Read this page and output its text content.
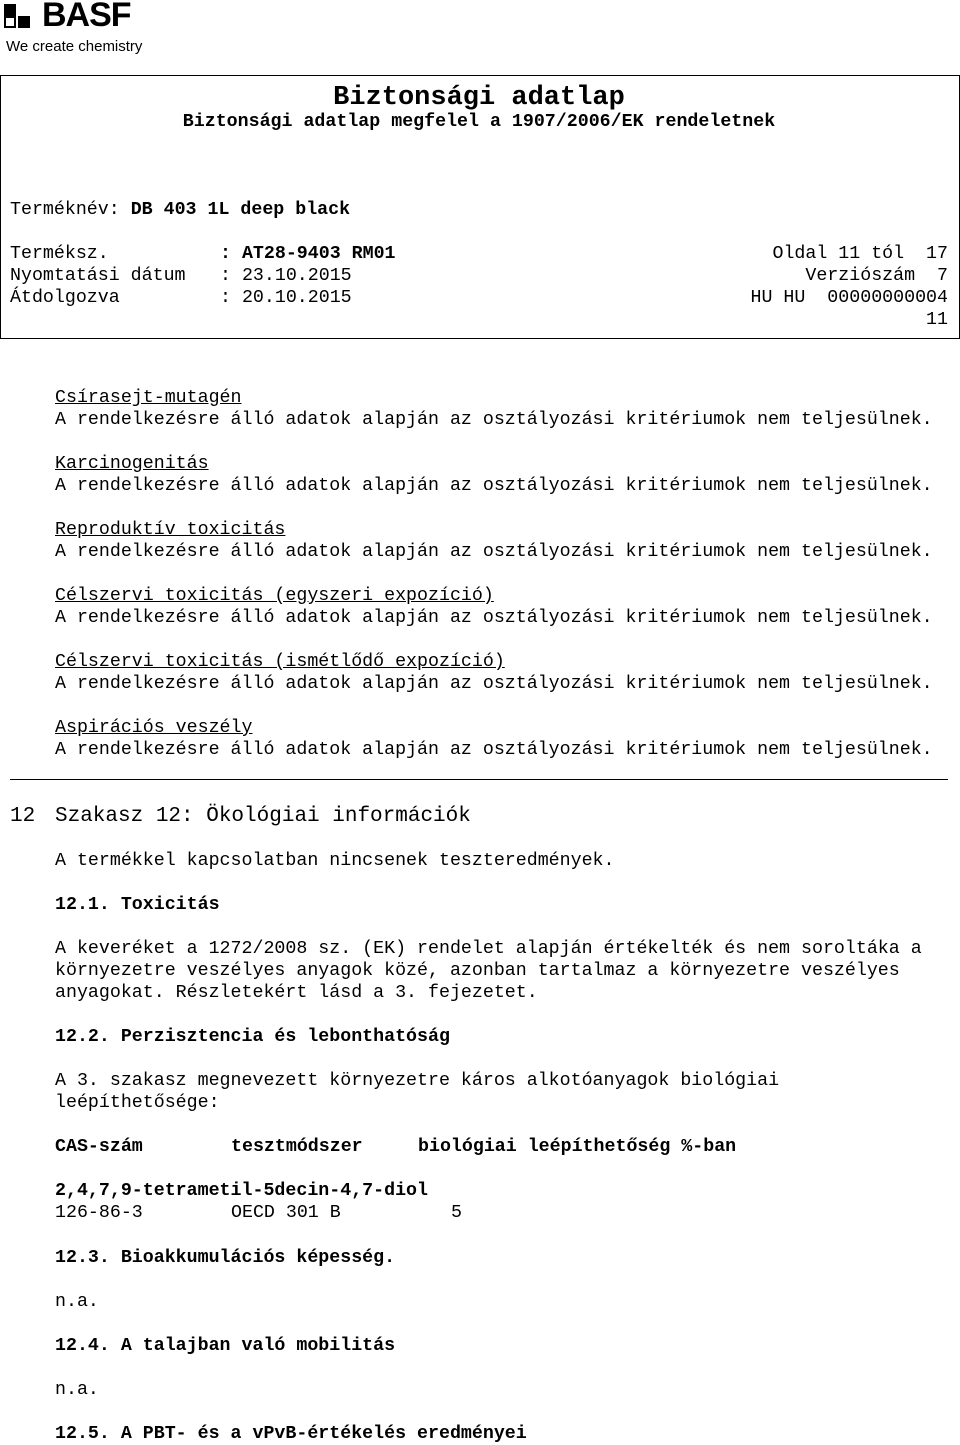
BASF
We create chemistry
Biztonsági adatlap
Biztonsági adatlap megfelel a 1907/2006/EK rendeletnek
Terméknév: DB 403 1L deep black
Terméksz.	: AT28-9403 RM01
Nyomtatási dátum : 23.10.2015
Átdolgozva	: 20.10.2015
Oldal 11 tól  17
Verziószám  7
HU HU  00000000004
11
Csírasejt-mutagén
A rendelkezésre álló adatok alapján az osztályozási kritériumok nem teljesülnek.
Karcinogenitás
A rendelkezésre álló adatok alapján az osztályozási kritériumok nem teljesülnek.
Reproduktív toxicitás
A rendelkezésre álló adatok alapján az osztályozási kritériumok nem teljesülnek.
Célszervi toxicitás (egyszeri expozíció)
A rendelkezésre álló adatok alapján az osztályozási kritériumok nem teljesülnek.
Célszervi toxicitás (ismétlődő expozíció)
A rendelkezésre álló adatok alapján az osztályozási kritériumok nem teljesülnek.
Aspirációs veszély
A rendelkezésre álló adatok alapján az osztályozási kritériumok nem teljesülnek.
12 Szakasz 12: Ökológiai információk
A termékkel kapcsolatban nincsenek teszteredmények.
12.1. Toxicitás
A keveréket a 1272/2008 sz. (EK) rendelet alapján értékelték és nem soroltáka a
környezetre veszélyes anyagok közé, azonban tartalmaz a környezetre veszélyes
anyagokat. Részletekért lásd a 3. fejezetet.
12.2. Perzisztencia és lebonthatóság
A 3. szakasz megnevezett környezetre káros alkotóanyagok biológiai
leépíthetősége:
CAS-szám	tesztmódszer	biológiai leépíthetőség %-ban
2,4,7,9-tetrametil-5decin-4,7-diol
126-86-3	OECD 301 B	5
12.3. Bioakkumulációs képesség.
n.a.
12.4. A talajban való mobilitás
n.a.
12.5. A PBT- és a vPvB-értékelés eredményei
